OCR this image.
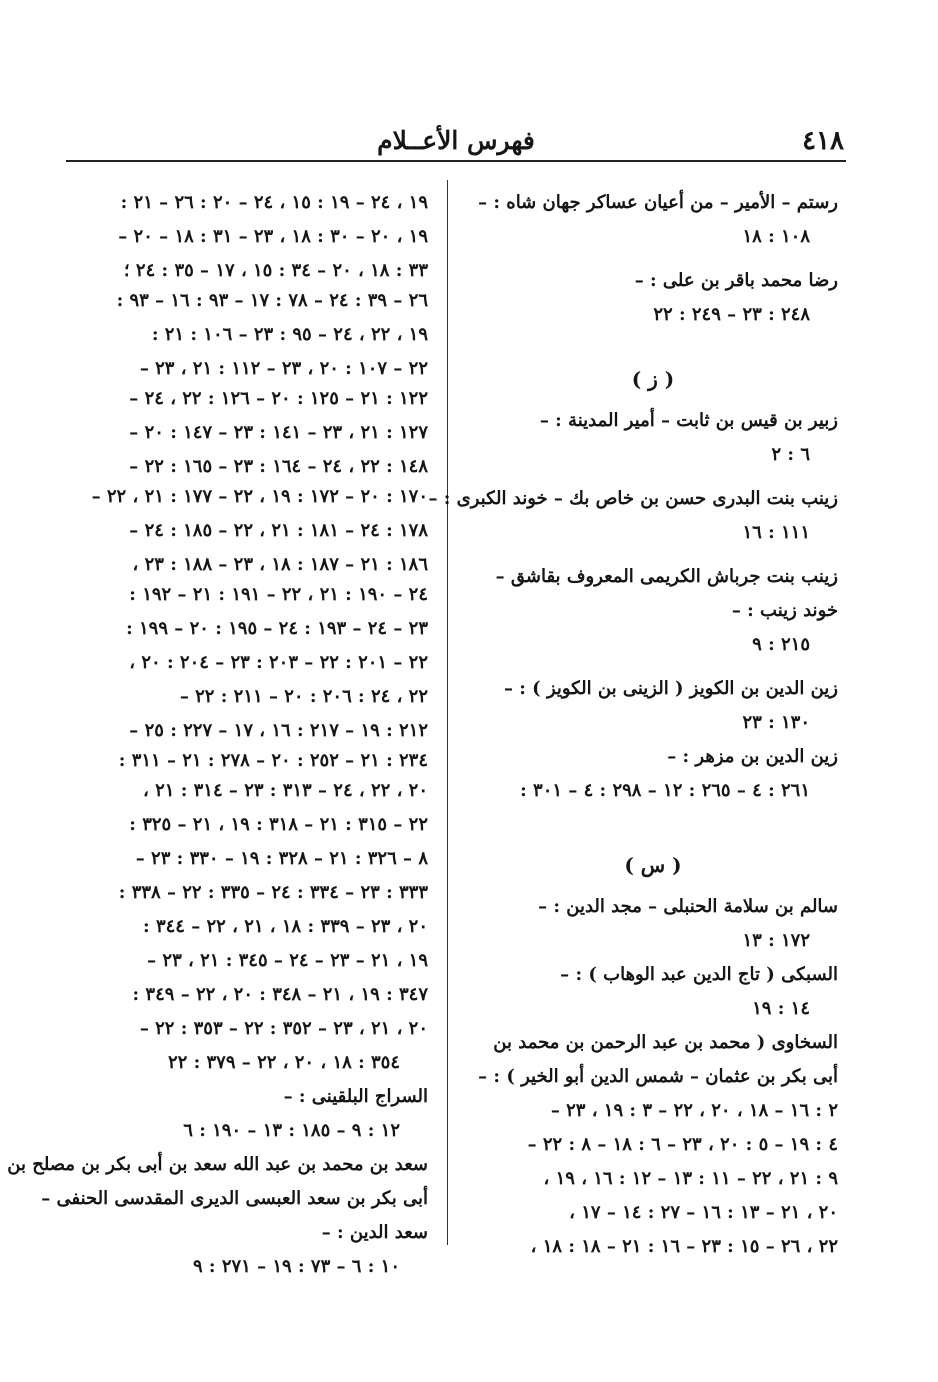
٤١٨
فهرس الأعــلام
رستم – الأمير – من أعيان عساكر جهان شاه : –
١٠٨ : ١٨
رضا محمد باقر بن على : –
٢٤٨ : ٢٣ – ٢٤٩ : ٢٢
( ز )
زبير بن قيس بن ثابت – أمير المدينة : –
٦ : ٢
زينب بنت البدرى حسن بن خاص بك – خوند الكبرى : –
١١١ : ١٦
زينب بنت جرباش الكريمى المعروف بقاشق – خوند زينب : –
٢١٥ : ٩
زين الدين بن الكويز ( الزينى بن الكويز ) : –
١٣٠ : ٢٣
زين الدين بن مزهر : –
٢٦١ : ٤ – ٢٦٥ : ١٢ – ٢٩٨ : ٤ – ٣٠١ :
( س )
سالم بن سلامة الحنبلى – مجد الدين : –
١٧٢ : ١٣
السبكى ( تاج الدين عبد الوهاب ) : –
١٤ : ١٩
السخاوى ( محمد بن عبد الرحمن بن محمد بن أبى بكر بن عثمان – شمس الدين أبو الخير ) : –
٢ : ١٦ – ١٨ ، ٢٠ ، ٢٢ – ٣ : ١٩ ، ٢٣ –
٤ : ١٩ – ٥ : ٢٠ ، ٢٣ – ٦ : ١٨ – ٨ : ٢٢ –
٩ : ٢١ ، ٢٢ – ١١ : ١٣ – ١٢ : ١٦ ، ١٩ ،
٢٠ ، ٢١ – ١٣ : ١٦ – ٢٧ : ١٤ – ١٧ ،
٢٢ ، ٢٦ – ١٥ : ٢٣ – ١٦ : ٢١ – ١٨ : ١٨ ،
١٩ ، ٢٤ – ١٩ : ١٥ ، ٢٤ – ٢٠ : ٢٦ – ٢١ :
١٩ ، ٢٠ – ٣٠ : ١٨ ، ٢٣ – ٣١ : ١٨ – ٢٠ –
٣٣ : ١٨ ، ٢٠ – ٣٤ : ١٥ ، ١٧ – ٣٥ : ٢٤ ؛
٢٦ – ٣٩ : ٢٤ – ٧٨ : ١٧ – ٩٣ : ١٦ – ٩٣ :
١٩ ، ٢٢ ، ٢٤ – ٩٥ : ٢٣ – ١٠٦ : ٢١ :
٢٢ – ١٠٧ : ٢٠ ، ٢٣ – ١١٢ : ٢١ ، ٢٣ –
١٢٢ : ٢١ – ١٢٥ : ٢٠ – ١٢٦ : ٢٢ ، ٢٤ –
١٢٧ : ٢١ ، ٢٣ – ١٤١ : ٢٣ – ١٤٧ : ٢٠ –
١٤٨ : ٢٢ ، ٢٤ – ١٦٤ : ٢٣ – ١٦٥ : ٢٢ –
١٧٠ : ٢٠ – ١٧٢ : ١٩ ، ٢٢ – ١٧٧ : ٢١ ، ٢٢ –
١٧٨ : ٢٤ – ١٨١ : ٢١ ، ٢٢ – ١٨٥ : ٢٤ –
١٨٦ : ٢١ – ١٨٧ : ١٨ ، ٢٣ – ١٨٨ : ٢٣ ،
٢٤ – ١٩٠ : ٢١ ، ٢٢ – ١٩١ : ٢١ – ١٩٢ :
٢٣ – ٢٤ – ١٩٣ : ٢٤ – ١٩٥ : ٢٠ – ١٩٩ :
٢٢ – ٢٠١ : ٢٢ – ٢٠٣ : ٢٣ – ٢٠٤ : ٢٠ ،
٢٢ ، ٢٤ : ٢٠٦ : ٢٠ – ٢١١ : ٢٢ –
٢١٢ : ١٩ – ٢١٧ : ١٦ ، ١٧ – ٢٢٧ : ٢٥ –
٢٣٤ : ٢١ – ٢٥٢ : ٢٠ – ٢٧٨ : ٢١ – ٣١١ :
٢٠ ، ٢٢ ، ٢٤ – ٣١٣ : ٢٣ – ٣١٤ : ٢١ ،
٢٢ – ٣١٥ : ٢١ – ٣١٨ : ١٩ ، ٢١ – ٣٢٥ :
٨ – ٣٢٦ : ٢١ – ٣٢٨ : ١٩ – ٣٣٠ : ٢٣ –
٣٣٣ : ٢٣ – ٣٣٤ : ٢٤ – ٣٣٥ : ٢٢ – ٣٣٨ :
٢٠ ، ٢٣ – ٣٣٩ : ١٨ ، ٢١ ، ٢٢ – ٣٤٤ :
١٩ ، ٢١ – ٢٣ – ٢٤ – ٣٤٥ : ٢١ ، ٢٣ –
٣٤٧ : ١٩ ، ٢١ – ٣٤٨ : ٢٠ ، ٢٢ – ٣٤٩ :
٢٠ ، ٢١ ، ٢٣ – ٣٥٢ : ٢٢ – ٣٥٣ : ٢٢ –
٣٥٤ : ١٨ ، ٢٠ ، ٢٢ – ٣٧٩ : ٢٢
السراج البلقينى : –
١٢ : ٩ – ١٨٥ : ١٣ – ١٩٠ : ٦
سعد بن محمد بن عبد الله سعد بن أبى بكر بن مصلح بن
أبى بكر بن سعد العبسى الديرى المقدسى الحنفى –
سعد الدين : –
١٠ : ٦ – ٧٣ : ١٩ – ٢٧١ : ٩
